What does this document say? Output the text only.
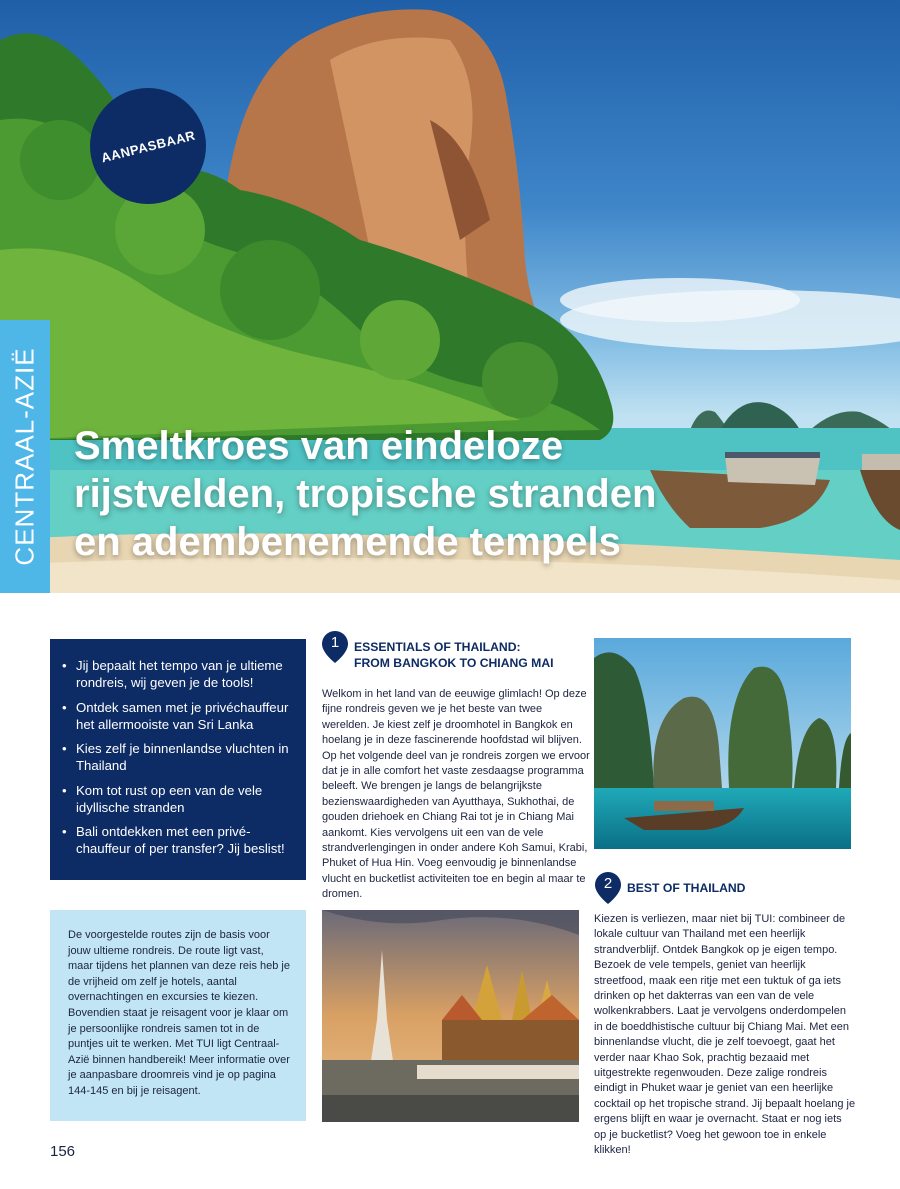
AANPASBAAR
CENTRAAL-AZIË Smeltkroes van eindeloze
rijstvelden, tropische stranden
en adembenemende tempels
• Jij bepaalt het tempo van je ultieme rondreis, wij geven je de tools!
• Ontdek samen met je privéchauffeur het allermooiste van Sri Lanka
• Kies zelf je binnenlandse vluchten in Thailand
• Kom tot rust op een van de vele idyllische stranden
• Bali ontdekken met een privé-chauffeur of per transfer? Jij beslist!

De voorgestelde routes zijn de basis voor jouw ultieme rondreis. De route ligt vast, maar tijdens het plannen van deze reis heb je de vrijheid om zelf je hotels, aantal overnachtingen en excursies te kiezen. Bovendien staat je reisagent voor je klaar om je persoonlijke rondreis samen tot in de puntjes uit te werken. Met TUI ligt Centraal-Azië binnen handbereik! Meer informatie over je aanpasbare droomreis vind je op pagina 144-145 en bij je reisagent.

1	ESSENTIALS OF THAILAND:
FROM BANGKOK TO CHIANG MAI

Welkom in het land van de eeuwige glimlach! Op deze fijne rondreis geven we je het beste van twee werelden. Je kiest zelf je droomhotel in Bangkok en hoelang je in deze fascinerende hoofdstad wil blijven. Op het volgende deel van je rondreis zorgen we ervoor dat je in alle comfort het vaste zesdaagse programma beleeft. We brengen je langs de belangrijkste bezienswaardigheden van Ayutthaya, Sukhothai, de gouden driehoek en Chiang Rai tot je in Chiang Mai aankomt. Kies vervolgens uit een van de vele strandverlengingen in onder andere Koh Samui, Krabi, Phuket of Hua Hin. Voeg eenvoudig je binnenlandse vlucht en bucketlist activiteiten toe en begin al maar te dromen.

2	BEST OF THAILAND

Kiezen is verliezen, maar niet bij TUI: combineer de lokale cultuur van Thailand met een heerlijk strandverblijf. Ontdek Bangkok op je eigen tempo. Bezoek de vele tempels, geniet van heerlijk streetfood, maak een ritje met een tuktuk of ga iets drinken op het dakterras van een van de vele wolkenkrabbers. Laat je vervolgens onderdompelen in de boeddhistische cultuur bij Chiang Mai. Met een binnenlandse vlucht, die je zelf toevoegt, gaat het verder naar Khao Sok, prachtig bezaaid met uitgestrekte regenwouden. Deze zalige rondreis eindigt in Phuket waar je geniet van een heerlijke cocktail op het tropische strand. Jij bepaalt hoelang je ergens blijft en waar je overnacht. Staat er nog iets op je bucketlist? Voeg het gewoon toe in enkele klikken!

156
